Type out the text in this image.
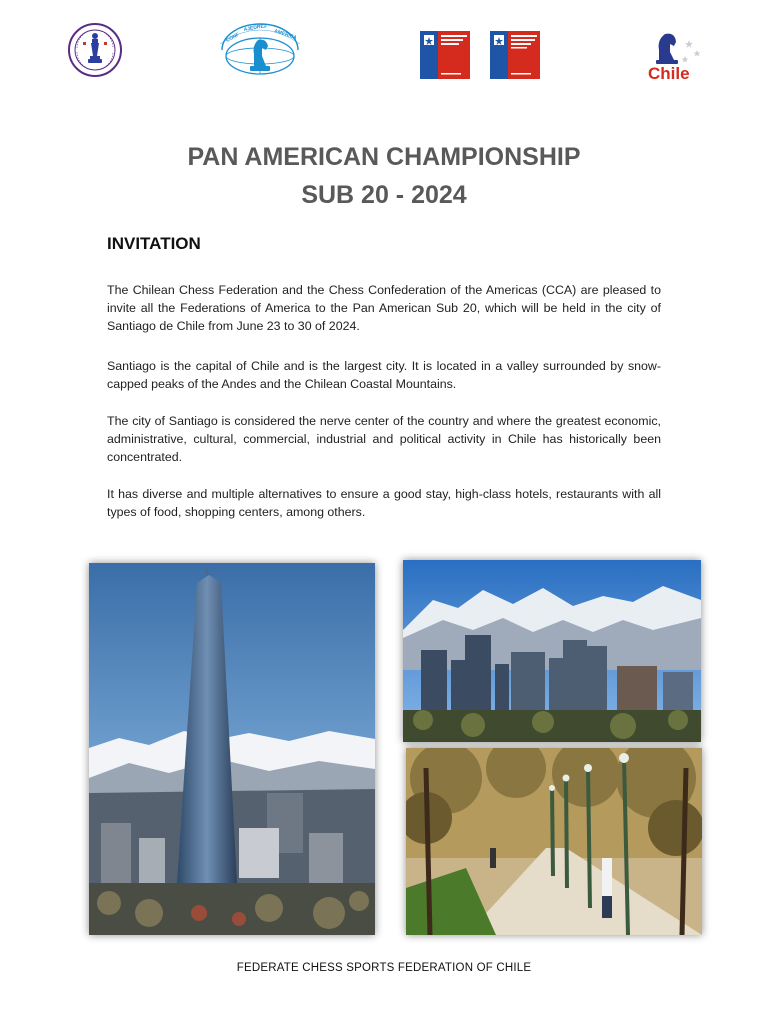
CONF
AJEDREZ
AMERICA
Chile
PAN AMERICAN CHAMPIONSHIP
SUB 20 - 2024
INVITATION

The Chilean Chess Federation and the Chess Confederation of the Americas (CCA) are pleased to invite all the Federations of America to the Pan American Sub 20, which will be held in the city of Santiago de Chile from June 23 to 30 of 2024.

Santiago is the capital of Chile and is the largest city. It is located in a valley surrounded by snow-capped peaks of the Andes and the Chilean Coastal Mountains.

The city of Santiago is considered the nerve center of the country and where the greatest economic, administrative, cultural, commercial, industrial and political activity in Chile has historically been concentrated.

It has diverse and multiple alternatives to ensure a good stay, high-class hotels, restaurants with all types of food, shopping centers, among others.

FEDERATE CHESS SPORTS FEDERATION OF CHILE
